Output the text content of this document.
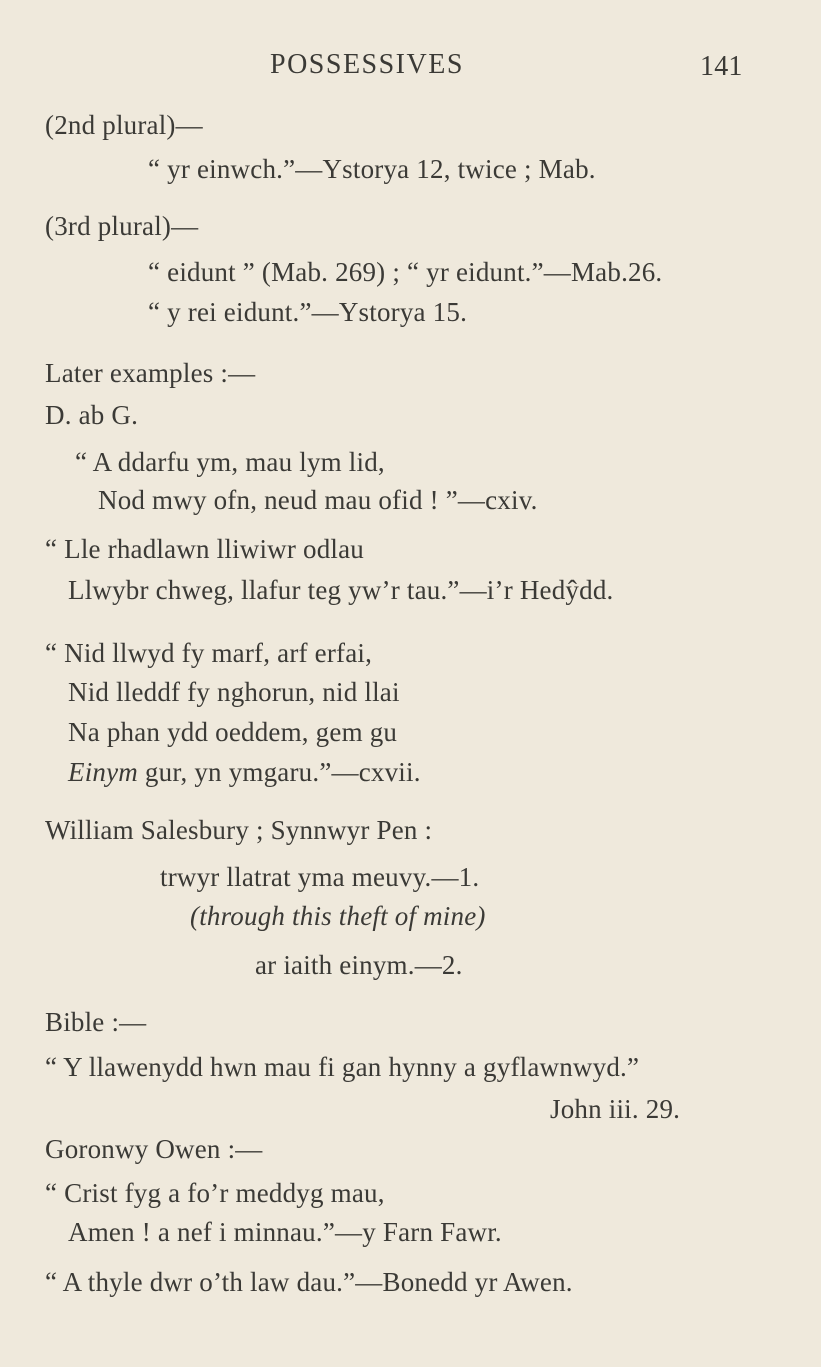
POSSESSIVES	141
(2nd plural)—
“ yr einwch.”—Ystorya 12, twice ; Mab.
(3rd plural)—
“ eidunt ” (Mab. 269) ; “ yr eidunt.”—Mab.26.
“ y rei eidunt.”—Ystorya 15.
Later examples :—
D. ab G.
“ A ddarfu ym, mau lym lid,
Nod mwy ofn, neud mau ofid ! ”—cxiv.
“ Lle rhadlawn lliwiwr odlau
Llwybr chweg, llafur teg yw’r tau.”—i’r Hedŷdd.
“ Nid llwyd fy marf, arf erfai,
Nid lleddf fy nghorun, nid llai
Na phan ydd oeddem, gem gu
Einym gur, yn ymgaru.”—cxvii.
William Salesbury ; Synnwyr Pen :
trwyr llatrat yma meuvy.—1.
(through this theft of mine)
ar iaith einym.—2.
Bible :—
“ Y llawenydd hwn mau fi gan hynny a gyflawnwyd.”
John iii. 29.
Goronwy Owen :—
“ Crist fyg a fo’r meddyg mau,
Amen ! a nef i minnau.”—y Farn Fawr.
“ A thyle dwr o’th law dau.”—Bonedd yr Awen.
